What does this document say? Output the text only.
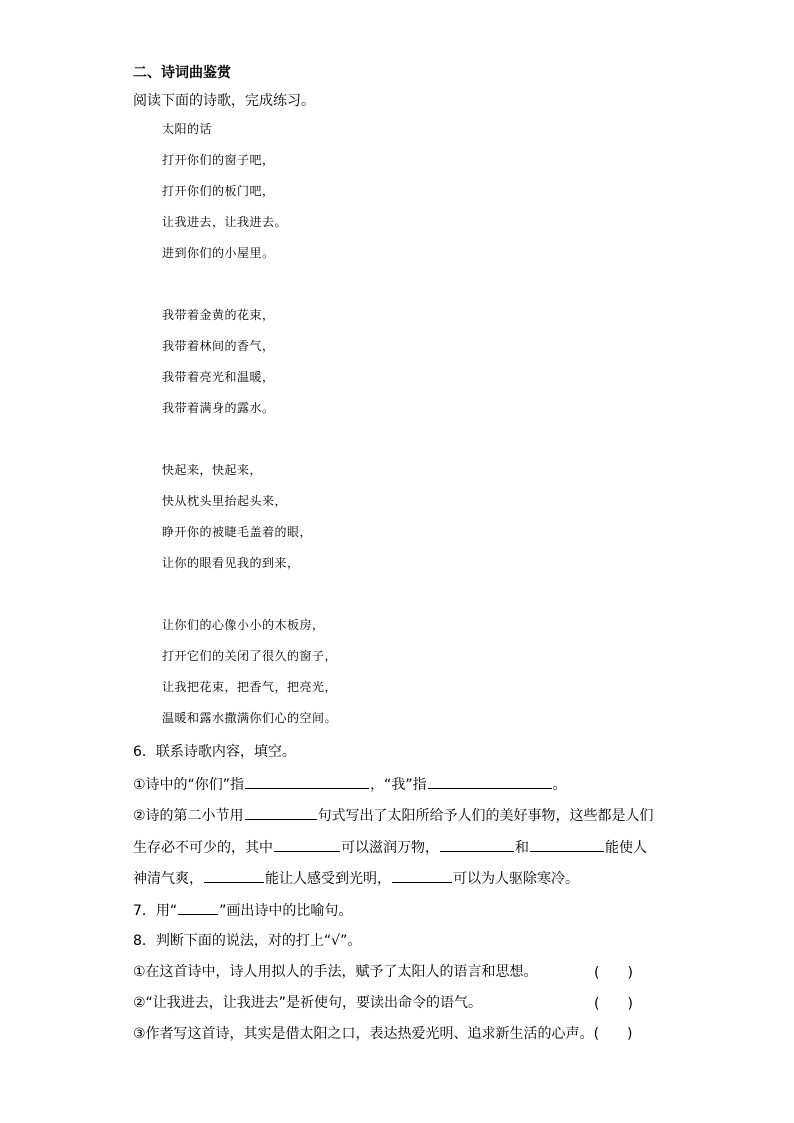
二、诗词曲鉴赏
阅读下面的诗歌，完成练习。
太阳的话
打开你们的窗子吧，
打开你们的板门吧，
让我进去，让我进去。
进到你们的小屋里。
我带着金黄的花束，
我带着林间的香气，
我带着亮光和温暖，
我带着满身的露水。
快起来，快起来，
快从枕头里抬起头来，
睁开你的被睫毛盖着的眼，
让你的眼看见我的到来，
让你们的心像小小的木板房，
打开它们的关闭了很久的窗子，
让我把花束，把香气，把亮光，
温暖和露水撒满你们心的空间。
6．联系诗歌内容，填空。
①诗中的“你们”指	，“我”指	。
②诗的第二小节用	句式写出了太阳所给予人们的美好事物，这些都是人们
生存必不可少的，其中	可以滋润万物，	和	能使人
神清气爽，	能让人感受到光明，	可以为人驱除寒冷。
7．用“	”画出诗中的比喻句。
8．判断下面的说法，对的打上“√”。
①在这首诗中，诗人用拟人的手法，赋予了太阳人的语言和思想。	(　　)
②“让我进去，让我进去”是祈使句，要读出命令的语气。	(　　)
③作者写这首诗，其实是借太阳之口，表达热爱光明、追求新生活的心声。(　　)
